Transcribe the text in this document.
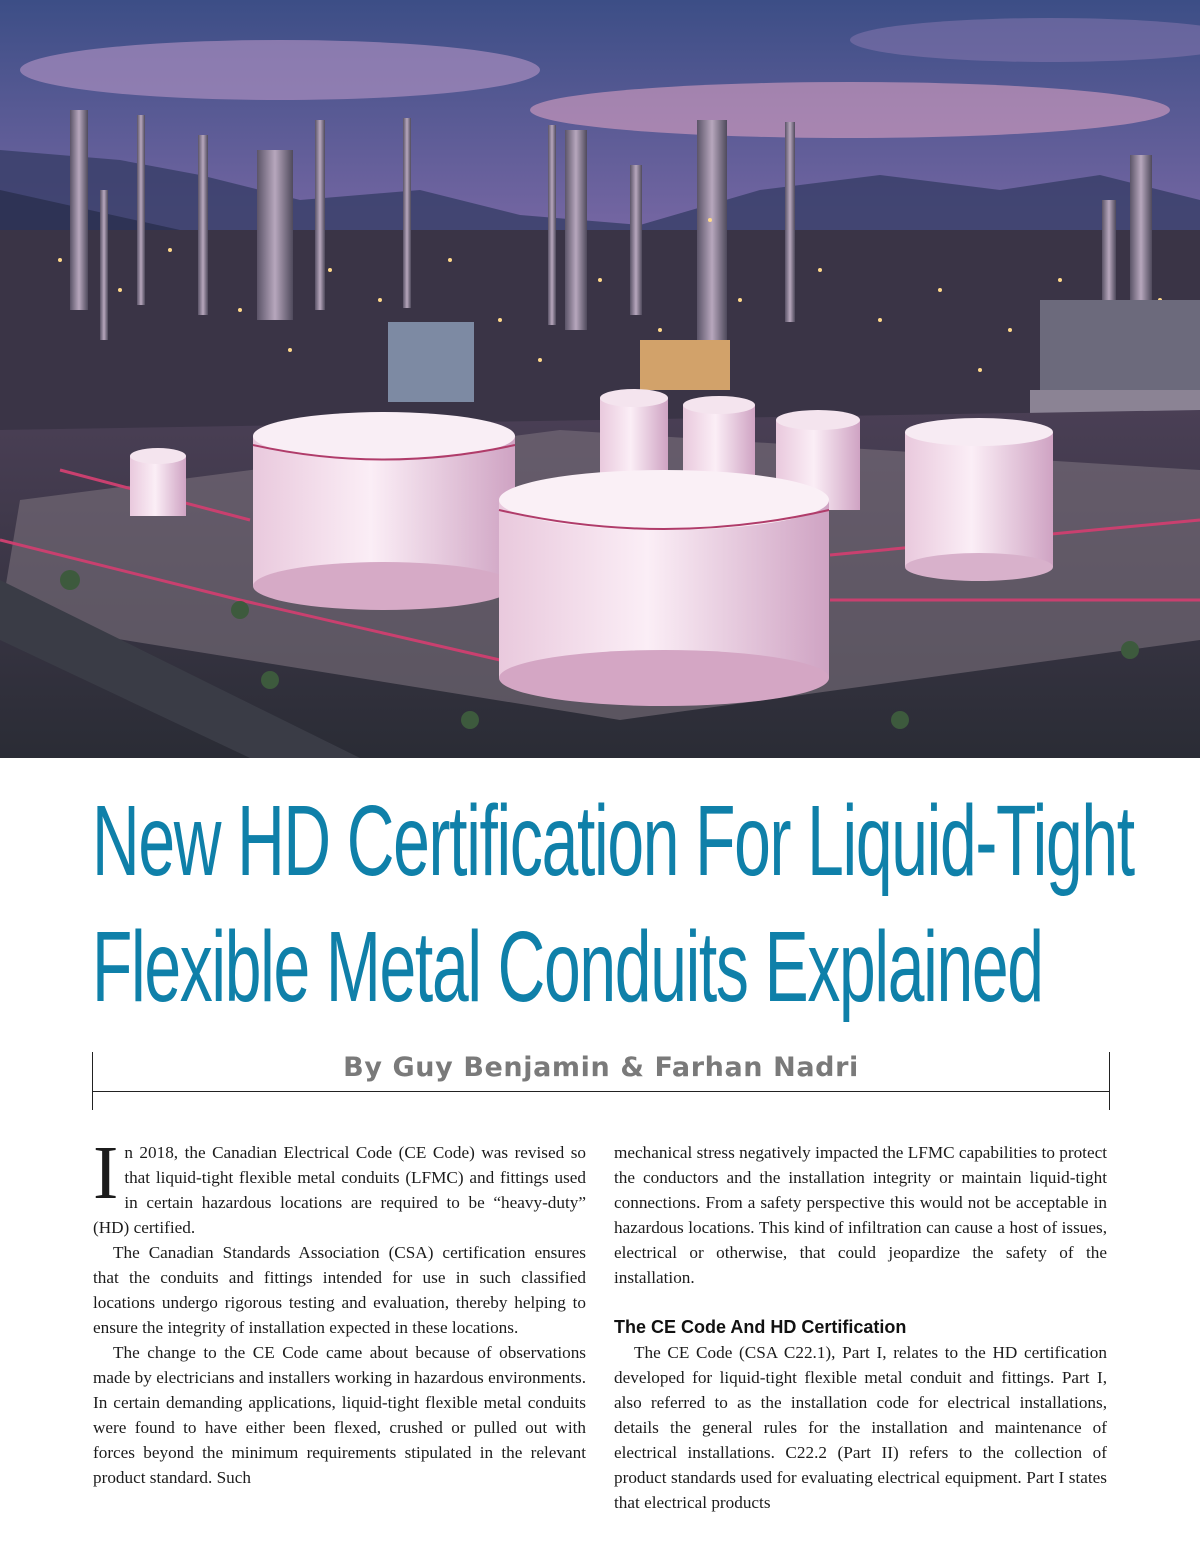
New HD Certification For Liquid-Tight
Flexible Metal Conduits Explained
By Guy Benjamin & Farhan Nadri

In 2018, the Canadian Electrical Code (CE Code) was revised so that liquid-tight flexible metal conduits (LFMC) and fittings used in certain hazardous locations are required to be “heavy-duty” (HD) certified.

The Canadian Standards Association (CSA) certification ensures that the conduits and fittings intended for use in such classified locations undergo rigorous testing and evaluation, thereby helping to ensure the integrity of installation expected in these locations.

The change to the CE Code came about because of observations made by electricians and installers working in hazardous environments. In certain demanding applications, liquid-tight flexible metal conduits were found to have either been flexed, crushed or pulled out with forces beyond the minimum requirements stipulated in the relevant product standard. Such

mechanical stress negatively impacted the LFMC capabilities to protect the conductors and the installation integrity or maintain liquid-tight connections. From a safety perspective this would not be acceptable in hazardous locations. This kind of infiltration can cause a host of issues, electrical or otherwise, that could jeopardize the safety of the installation.

The CE Code And HD Certification

The CE Code (CSA C22.1), Part I, relates to the HD certification developed for liquid-tight flexible metal conduit and fittings. Part I, also referred to as the installation code for electrical installations, details the general rules for the installation and maintenance of electrical installations. C22.2 (Part II) refers to the collection of product standards used for evaluating electrical equipment. Part I states that electrical products
